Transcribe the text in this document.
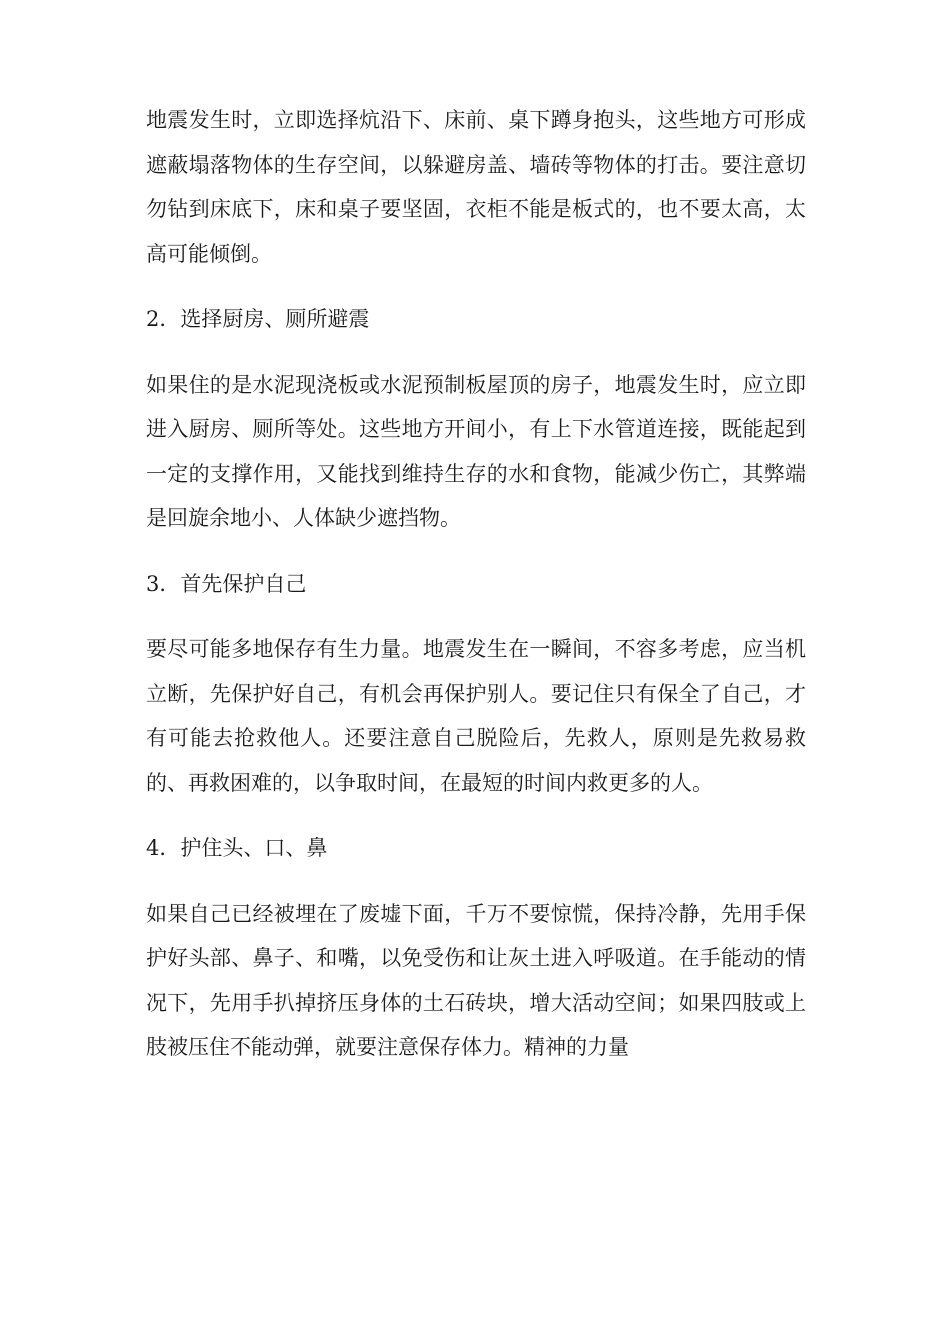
地震发生时，立即选择炕沿下、床前、桌下蹲身抱头，这些地方可形成遮蔽塌落物体的生存空间，以躲避房盖、墙砖等物体的打击。要注意切勿钻到床底下，床和桌子要坚固，衣柜不能是板式的，也不要太高，太高可能倾倒。

2．选择厨房、厕所避震

如果住的是水泥现浇板或水泥预制板屋顶的房子，地震发生时，应立即进入厨房、厕所等处。这些地方开间小，有上下水管道连接，既能起到一定的支撑作用，又能找到维持生存的水和食物，能减少伤亡，其弊端是回旋余地小、人体缺少遮挡物。

3．首先保护自己

要尽可能多地保存有生力量。地震发生在一瞬间，不容多考虑，应当机立断，先保护好自己，有机会再保护别人。要记住只有保全了自己，才有可能去抢救他人。还要注意自己脱险后，先救人，原则是先救易救的、再救困难的，以争取时间，在最短的时间内救更多的人。

4．护住头、口、鼻

如果自己已经被埋在了废墟下面，千万不要惊慌，保持冷静，先用手保护好头部、鼻子、和嘴，以免受伤和让灰土进入呼吸道。在手能动的情况下，先用手扒掉挤压身体的土石砖块，增大活动空间；如果四肢或上肢被压住不能动弹，就要注意保存体力。精神的力量
